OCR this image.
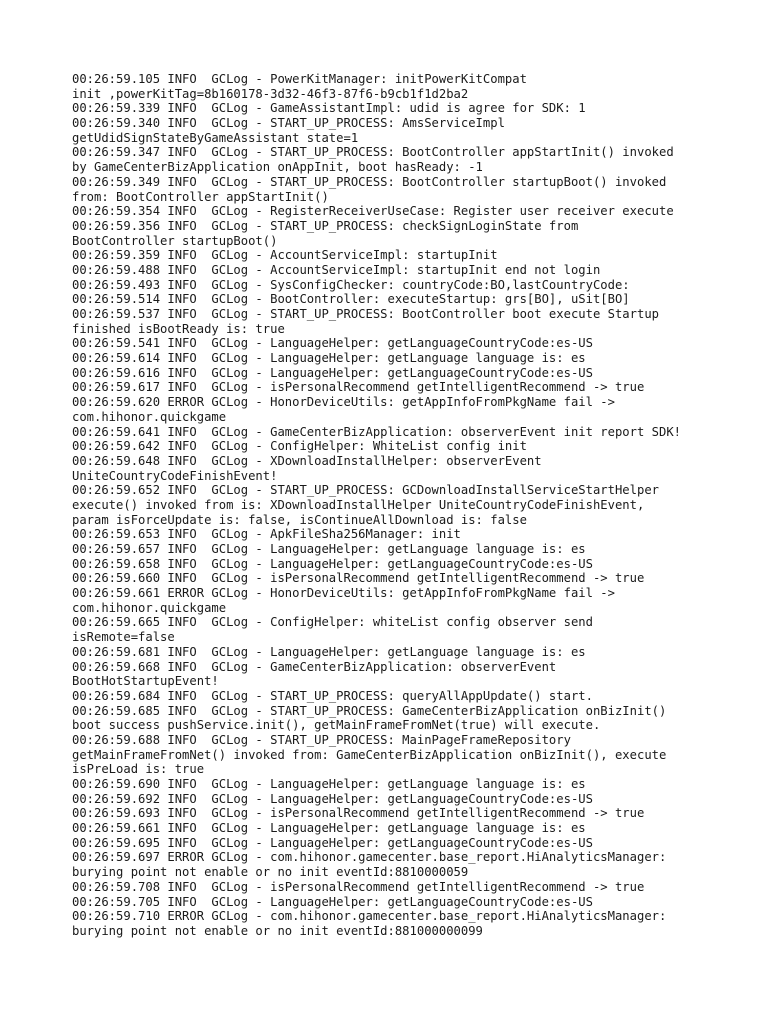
00:26:59.105 INFO  GCLog - PowerKitManager: initPowerKitCompat
init ,powerKitTag=8b160178-3d32-46f3-87f6-b9cb1f1d2ba2
00:26:59.339 INFO  GCLog - GameAssistantImpl: udid is agree for SDK: 1
00:26:59.340 INFO  GCLog - START_UP_PROCESS: AmsServiceImpl
getUdidSignStateByGameAssistant state=1
00:26:59.347 INFO  GCLog - START_UP_PROCESS: BootController appStartInit() invoked
by GameCenterBizApplication onAppInit, boot hasReady: -1
00:26:59.349 INFO  GCLog - START_UP_PROCESS: BootController startupBoot() invoked
from: BootController appStartInit()
00:26:59.354 INFO  GCLog - RegisterReceiverUseCase: Register user receiver execute
00:26:59.356 INFO  GCLog - START_UP_PROCESS: checkSignLoginState from
BootController startupBoot()
00:26:59.359 INFO  GCLog - AccountServiceImpl: startupInit
00:26:59.488 INFO  GCLog - AccountServiceImpl: startupInit end not login
00:26:59.493 INFO  GCLog - SysConfigChecker: countryCode:BO,lastCountryCode:
00:26:59.514 INFO  GCLog - BootController: executeStartup: grs[BO], uSit[BO]
00:26:59.537 INFO  GCLog - START_UP_PROCESS: BootController boot execute Startup
finished isBootReady is: true
00:26:59.541 INFO  GCLog - LanguageHelper: getLanguageCountryCode:es-US
00:26:59.614 INFO  GCLog - LanguageHelper: getLanguage language is: es
00:26:59.616 INFO  GCLog - LanguageHelper: getLanguageCountryCode:es-US
00:26:59.617 INFO  GCLog - isPersonalRecommend getIntelligentRecommend -> true
00:26:59.620 ERROR GCLog - HonorDeviceUtils: getAppInfoFromPkgName fail ->
com.hihonor.quickgame
00:26:59.641 INFO  GCLog - GameCenterBizApplication: observerEvent init report SDK!
00:26:59.642 INFO  GCLog - ConfigHelper: WhiteList config init
00:26:59.648 INFO  GCLog - XDownloadInstallHelper: observerEvent
UniteCountryCodeFinishEvent!
00:26:59.652 INFO  GCLog - START_UP_PROCESS: GCDownloadInstallServiceStartHelper
execute() invoked from is: XDownloadInstallHelper UniteCountryCodeFinishEvent,
param isForceUpdate is: false, isContinueAllDownload is: false
00:26:59.653 INFO  GCLog - ApkFileSha256Manager: init
00:26:59.657 INFO  GCLog - LanguageHelper: getLanguage language is: es
00:26:59.658 INFO  GCLog - LanguageHelper: getLanguageCountryCode:es-US
00:26:59.660 INFO  GCLog - isPersonalRecommend getIntelligentRecommend -> true
00:26:59.661 ERROR GCLog - HonorDeviceUtils: getAppInfoFromPkgName fail ->
com.hihonor.quickgame
00:26:59.665 INFO  GCLog - ConfigHelper: whiteList config observer send
isRemote=false
00:26:59.681 INFO  GCLog - LanguageHelper: getLanguage language is: es
00:26:59.668 INFO  GCLog - GameCenterBizApplication: observerEvent
BootHotStartupEvent!
00:26:59.684 INFO  GCLog - START_UP_PROCESS: queryAllAppUpdate() start.
00:26:59.685 INFO  GCLog - START_UP_PROCESS: GameCenterBizApplication onBizInit()
boot success pushService.init(), getMainFrameFromNet(true) will execute.
00:26:59.688 INFO  GCLog - START_UP_PROCESS: MainPageFrameRepository
getMainFrameFromNet() invoked from: GameCenterBizApplication onBizInit(), execute
isPreLoad is: true
00:26:59.690 INFO  GCLog - LanguageHelper: getLanguage language is: es
00:26:59.692 INFO  GCLog - LanguageHelper: getLanguageCountryCode:es-US
00:26:59.693 INFO  GCLog - isPersonalRecommend getIntelligentRecommend -> true
00:26:59.661 INFO  GCLog - LanguageHelper: getLanguage language is: es
00:26:59.695 INFO  GCLog - LanguageHelper: getLanguageCountryCode:es-US
00:26:59.697 ERROR GCLog - com.hihonor.gamecenter.base_report.HiAnalyticsManager:
burying point not enable or no init eventId:8810000059
00:26:59.708 INFO  GCLog - isPersonalRecommend getIntelligentRecommend -> true
00:26:59.705 INFO  GCLog - LanguageHelper: getLanguageCountryCode:es-US
00:26:59.710 ERROR GCLog - com.hihonor.gamecenter.base_report.HiAnalyticsManager:
burying point not enable or no init eventId:881000000099
